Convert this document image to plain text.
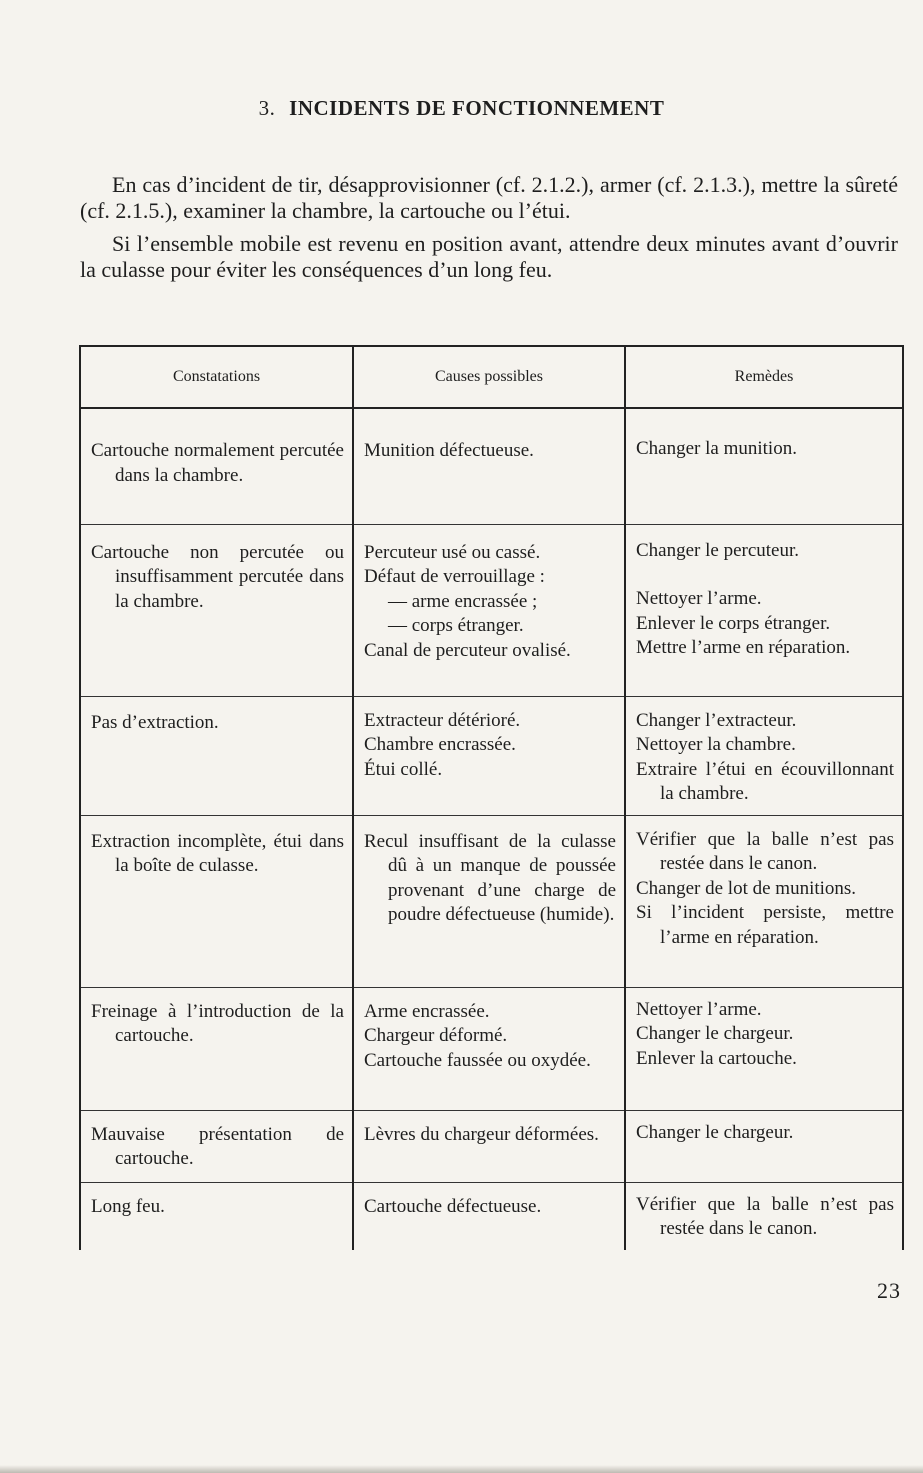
3. INCIDENTS DE FONCTIONNEMENT

En cas d’incident de tir, désapprovisionner (cf. 2.1.2.), armer (cf. 2.1.3.), mettre la sûreté (cf. 2.1.5.), examiner la chambre, la cartouche ou l’étui.

Si l’ensemble mobile est revenu en position avant, attendre deux minutes avant d’ouvrir la culasse pour éviter les conséquences d’un long feu.

Constatations	Causes possibles	Remèdes

Cartouche normalement percutée dans la chambre.	Munition défectueuse.	Changer la munition.

Cartouche non percutée ou insuffisamment percutée dans la chambre.	Percuteur usé ou cassé.
Défaut de verrouillage :
— arme encrassée ;
— corps étranger.
Canal de percuteur ovalisé.	Changer le percuteur.
Nettoyer l’arme.
Enlever le corps étranger.
Mettre l’arme en réparation.

Pas d’extraction.	Extracteur détérioré.
Chambre encrassée.
Étui collé.	Changer l’extracteur.
Nettoyer la chambre.
Extraire l’étui en écouvillonnant la chambre.

Extraction incomplète, étui dans la boîte de culasse.	Recul insuffisant de la culasse dû à un manque de poussée provenant d’une charge de poudre défectueuse (humide).	Vérifier que la balle n’est pas restée dans le canon.
Changer de lot de munitions.
Si l’incident persiste, mettre l’arme en réparation.

Freinage à l’introduction de la cartouche.	Arme encrassée.
Chargeur déformé.
Cartouche faussée ou oxydée.	Nettoyer l’arme.
Changer le chargeur.
Enlever la cartouche.

Mauvaise présentation de cartouche.	Lèvres du chargeur déformées.	Changer le chargeur.

Long feu.	Cartouche défectueuse.	Vérifier que la balle n’est pas restée dans le canon.
23
